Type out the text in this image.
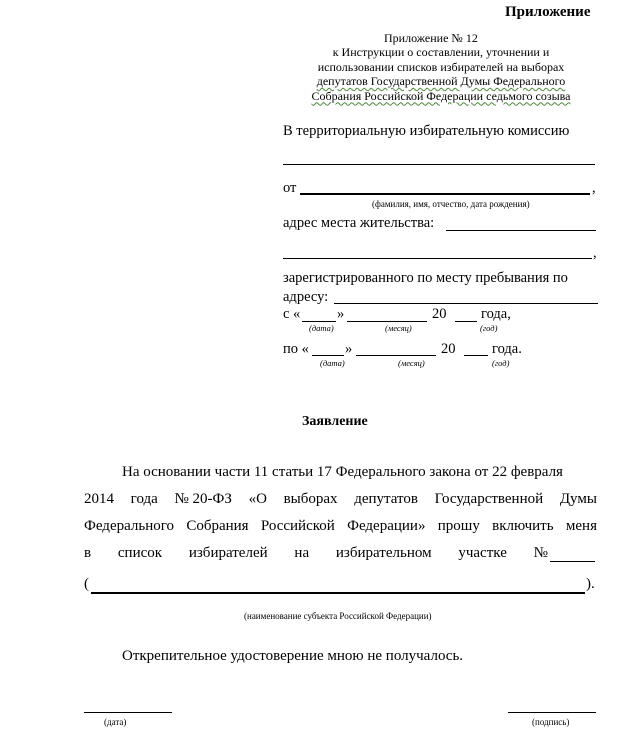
Приложение
Приложение № 12
к Инструкции о составлении, уточнении и
использовании списков избирателей на выборах
депутатов Государственной Думы Федерального
Собрания Российской Федерации седьмого созыва
В территориальную избирательную комиссию
от	,
(фамилия, имя, отчество, дата рождения)
адрес места жительства:
,
зарегистрированного по месту пребывания по
адресу:
с «	»	20 года,
(дата)	(месяц)	(год)
по « »	20	года.
(дата)	(месяц)	(год)
Заявление
На основании части 11 статьи 17 Федерального закона от 22 февраля
2014 года № 20-ФЗ «О выборах депутатов Государственной Думы
Федерального Собрания Российской Федерации» прошу включить меня
в список избирателей на избирательном участке №
(	).
(наименование субъекта Российской Федерации)
Открепительное удостоверение мною не получалось.
(дата)	(подпись)
